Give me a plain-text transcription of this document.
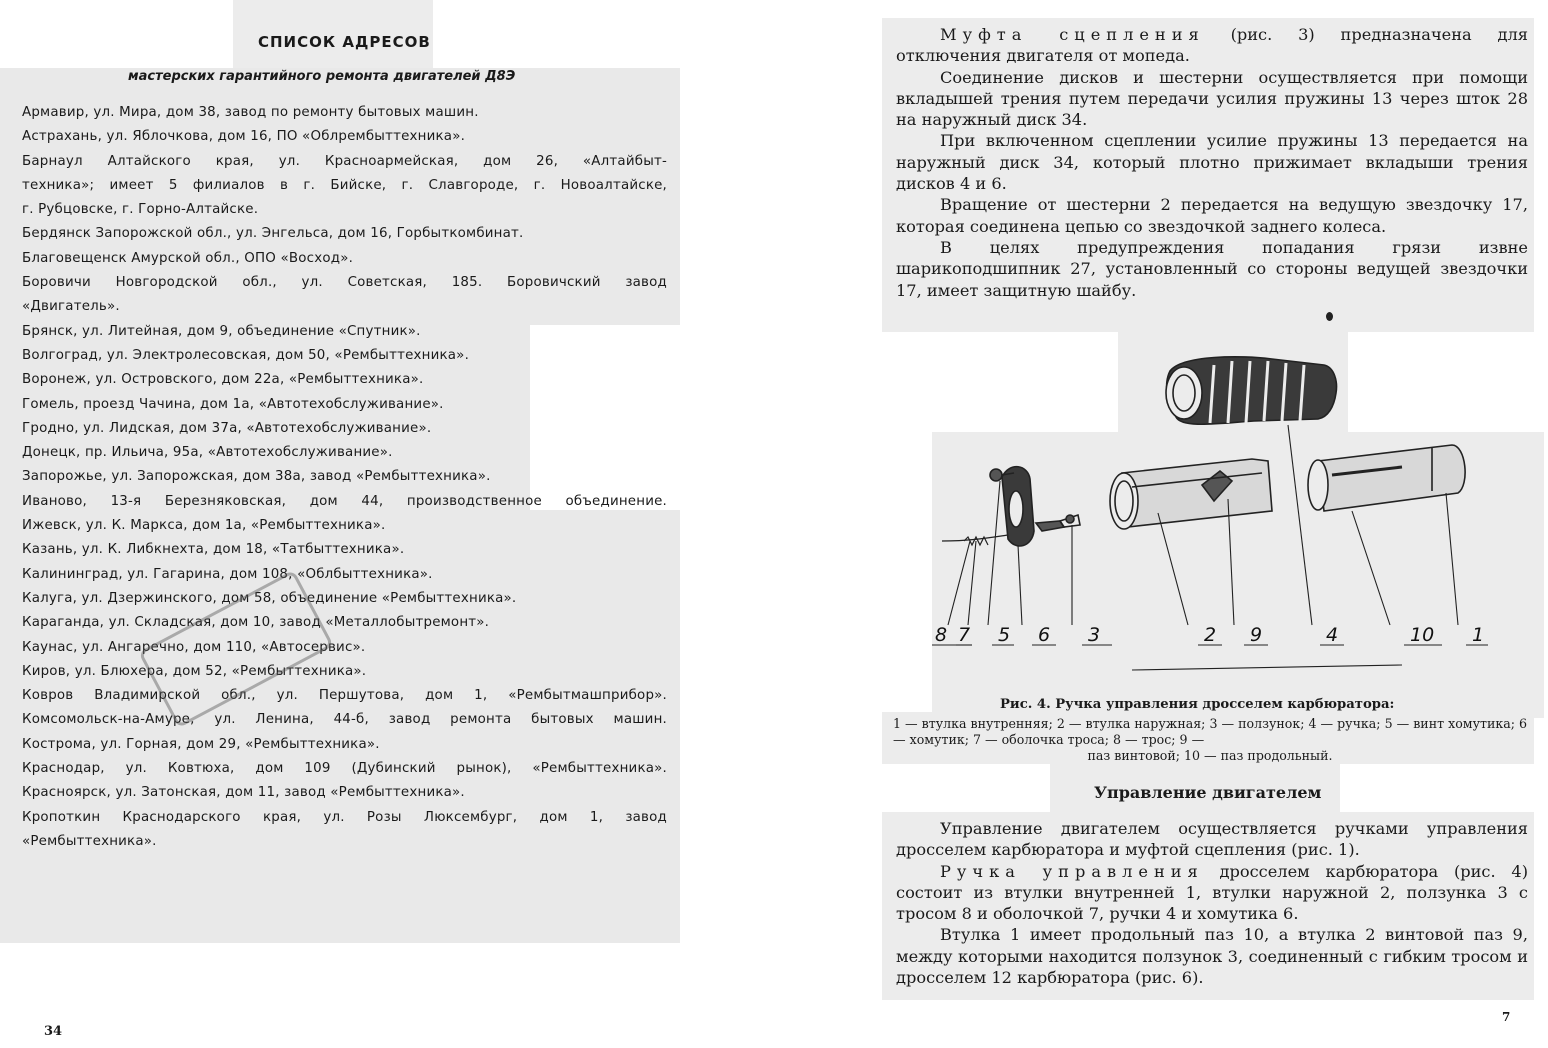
СПИСОК АДРЕСОВ
мастерских гарантийного ремонта двигателей Д8Э
Армавир, ул. Мира, дом 38, завод по ремонту бытовых машин.
Астрахань, ул. Яблочкова, дом 16, ПО «Облрембыттехника».
Барнаул Алтайского края, ул. Красноармейская, дом 26, «Алтайбыт-
техника»; имеет 5 филиалов в г. Бийске, г. Славгороде, г. Новоалтайске,
г. Рубцовске, г. Горно-Алтайске.
Бердянск Запорожской обл., ул. Энгельса, дом 16, Горбыткомбинат.
Благовещенск Амурской обл., ОПО «Восход».
Боровичи Новгородской обл., ул. Советская, 185. Боровичский завод
«Двигатель».
Брянск, ул. Литейная, дом 9, объединение «Спутник».
Волгоград, ул. Электролесовская, дом 50, «Рембыттехника».
Воронеж, ул. Островского, дом 22а, «Рембыттехника».
Гомель, проезд Чачина, дом 1а, «Автотехобслуживание».
Гродно, ул. Лидская, дом 37а, «Автотехобслуживание».
Донецк, пр. Ильича, 95а, «Автотехобслуживание».
Запорожье, ул. Запорожская, дом 38а, завод «Рембыттехника».
Иваново, 13-я Березняковская, дом 44, производственное объединение.
Ижевск, ул. К. Маркса, дом 1а, «Рембыттехника».
Казань, ул. К. Либкнехта, дом 18, «Татбыттехника».
Калининград, ул. Гагарина, дом 108, «Облбыттехника».
Калуга, ул. Дзержинского, дом 58, объединение «Рембыттехника».
Караганда, ул. Складская, дом 10, завод «Металлобытремонт».
Каунас, ул. Ангаречно, дом 110, «Автосервис».
Киров, ул. Блюхера, дом 52, «Рембыттехника».
Ковров Владимирской обл., ул. Першутова, дом 1, «Рембытмашприбор».
Комсомольск-на-Амуре, ул. Ленина, 44-б, завод ремонта бытовых машин.
Кострома, ул. Горная, дом 29, «Рембыттехника».
Краснодар, ул. Ковтюха, дом 109 (Дубинский рынок), «Рембыттехника».
Красноярск, ул. Затонская, дом 11, завод «Рембыттехника».
Кропоткин Краснодарского края, ул. Розы Люксембург, дом 1, завод
«Рембыттехника».
34

Муфта сцепления (рис. 3) предназначена для отключения двигателя от мопеда.

Соединение дисков и шестерни осуществляется при помощи вкладышей трения путем передачи усилия пружины 13 через шток 28 на наружный диск 34.

При включенном сцеплении усилие пружины 13 передается на наружный диск 34, который плотно прижимает вкладыши трения дисков 4 и 6.

Вращение от шестерни 2 передается на ведущую звездочку 17, которая соединена цепью со звездочкой заднего колеса.

В целях предупреждения попадания грязи извне шарикоподшипник 27, установленный со стороны ведущей звездочки 17, имеет защитную шайбу.

8 7 5 6 3	2 9	4	10 1
Рис. 4. Ручка управления дросселем карбюратора:
1 — втулка внутренняя; 2 — втулка наружная; 3 — ползунок; 4 — ручка; 5 — винт хомутика; 6 — хомутик; 7 — оболочка троса; 8 — трос; 9 —
паз винтовой; 10 — паз продольный.
Управление двигателем

Управление двигателем осуществляется ручками управления дросселем карбюратора и муфтой сцепления (рис. 1).

Ручка управления дросселем карбюратора (рис. 4) состоит из втулки внутренней 1, втулки наружной 2, ползунка 3 с тросом 8 и оболочкой 7, ручки 4 и хомутика 6.

Втулка 1 имеет продольный паз 10, а втулка 2 винтовой паз 9, между которыми находится ползунок 3, соединенный с гибким тросом и дросселем 12 карбюратора (рис. 6).

7
